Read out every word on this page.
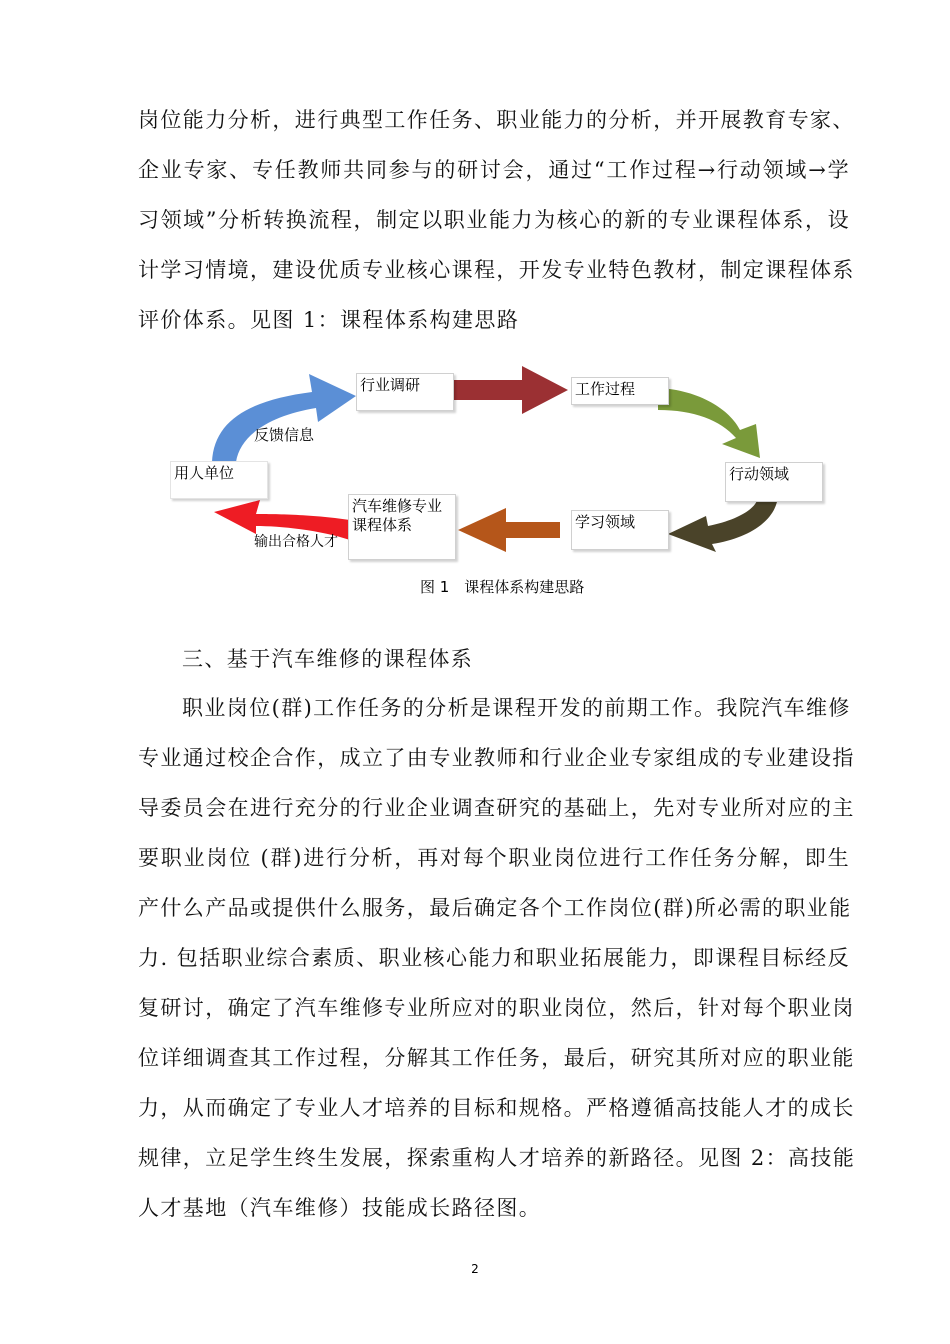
岗位能力分析，进行典型工作任务、职业能力的分析，并开展教育专家、
企业专家、专任教师共同参与的研讨会，通过“工作过程→行动领域→学
习领域”分析转换流程，制定以职业能力为核心的新的专业课程体系，设
计学习情境，建设优质专业核心课程，开发专业特色教材，制定课程体系
评价体系。见图 1：课程体系构建思路
行业调研	工作过程
行动领域
学习领域
汽车维修专业课程体系
用人单位
反馈信息
输出合格人才
图 1　课程体系构建思路
三、基于汽车维修的课程体系
职业岗位(群)工作任务的分析是课程开发的前期工作。我院汽车维修
专业通过校企合作，成立了由专业教师和行业企业专家组成的专业建设指
导委员会在进行充分的行业企业调查研究的基础上，先对专业所对应的主
要职业岗位 (群)进行分析，再对每个职业岗位进行工作任务分解，即生
产什么产品或提供什么服务，最后确定各个工作岗位(群)所必需的职业能
力. 包括职业综合素质、职业核心能力和职业拓展能力，即课程目标经反
复研讨，确定了汽车维修专业所应对的职业岗位，然后，针对每个职业岗
位详细调查其工作过程，分解其工作任务，最后，研究其所对应的职业能
力，从而确定了专业人才培养的目标和规格。严格遵循高技能人才的成长
规律，立足学生终生发展，探索重构人才培养的新路径。见图 2：高技能
人才基地（汽车维修）技能成长路径图。
2
